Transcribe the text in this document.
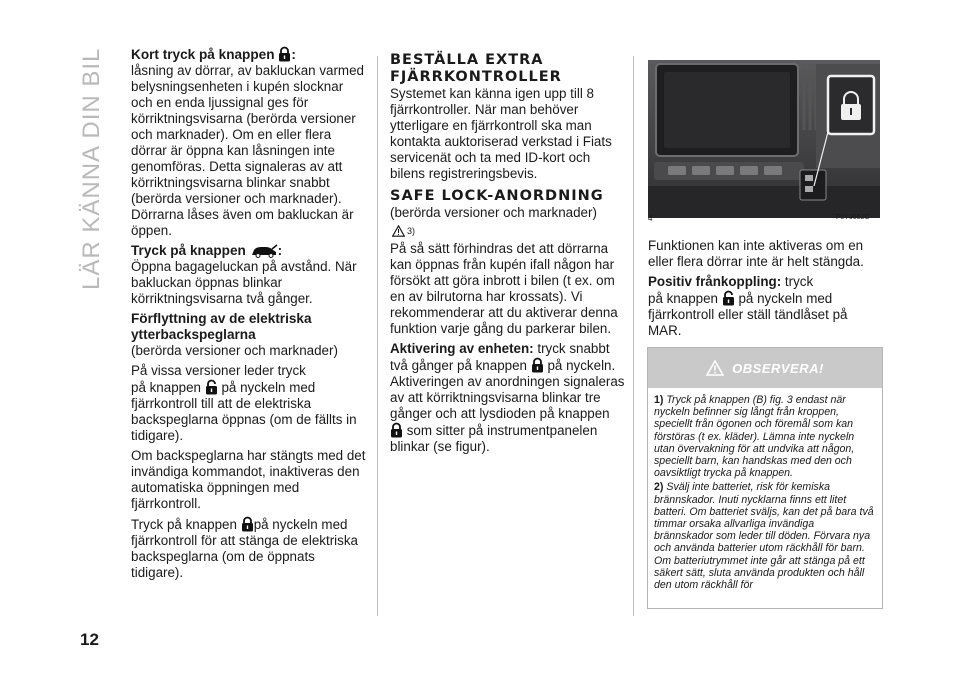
LÄR KÄNNA DIN BIL
12

Kort tryck på knappen :

låsning av dörrar, av bakluckan varmed belysningsenheten i kupén slocknar och en enda ljussignal ges för körriktningsvisarna (berörda versioner och marknader). Om en eller flera dörrar är öppna kan låsningen inte genomföras. Detta signaleras av att körriktningsvisarna blinkar snabbt (berörda versioner och marknader). Dörrarna låses även om bakluckan är öppen.

Tryck på knappen :

Öppna bagageluckan på avstånd. När bakluckan öppnas blinkar körriktningsvisarna två gånger.

Förflyttning av de elektriska ytterbackspeglarna

(berörda versioner och marknader)

På vissa versioner leder tryck

på knappen på nyckeln med fjärrkontroll till att de elektriska backspeglarna öppnas (om de fällts in tidigare).

Om backspeglarna har stängts med det invändiga kommandot, inaktiveras den automatiska öppningen med fjärrkontroll.

Tryck på knappen på nyckeln med fjärrkontroll för att stänga de elektriska backspeglarna (om de öppnats tidigare).

BESTÄLLA EXTRA FJÄRRKONTROLLER

Systemet kan känna igen upp till 8 fjärrkontroller. När man behöver ytterligare en fjärrkontroll ska man kontakta auktoriserad verkstad i Fiats servicenät och ta med ID-kort och bilens registreringsbevis.

SAFE LOCK-ANORDNING

(berörda versioner och marknader)

3)

På så sätt förhindras det att dörrarna kan öppnas från kupén ifall någon har försökt att göra inbrott i bilen (t ex. om en av bilrutorna har krossats). Vi rekommenderar att du aktiverar denna funktion varje gång du parkerar bilen.

Aktivering av enheten: tryck snabbt två gånger på knappen på nyckeln. Aktiveringen av anordningen signaleras av att körriktningsvisarna blinkar tre gånger och att lysdioden på knappen  som sitter på instrumentpanelen blinkar (se figur).

4	F0Y0652C

Funktionen kan inte aktiveras om en eller flera dörrar inte är helt stängda.

Positiv frånkoppling: tryck
på knappen på nyckeln med fjärrkontroll eller ställ tändlåset på MAR.

OBSERVERA!

1) Tryck på knappen (B) fig. 3 endast när nyckeln befinner sig långt från kroppen, speciellt från ögonen och föremål som kan förstöras (t ex. kläder). Lämna inte nyckeln utan övervakning för att undvika att någon, speciellt barn, kan handskas med den och oavsiktligt trycka på knappen.

2) Svälj inte batteriet, risk för kemiska brännskador. Inuti nycklarna finns ett litet batteri. Om batteriet sväljs, kan det på bara två timmar orsaka allvarliga invändiga brännskador som leder till döden. Förvara nya och använda batterier utom räckhåll för barn. Om batteriutrymmet inte går att stänga på ett säkert sätt, sluta använda produkten och håll den utom räckhåll för
